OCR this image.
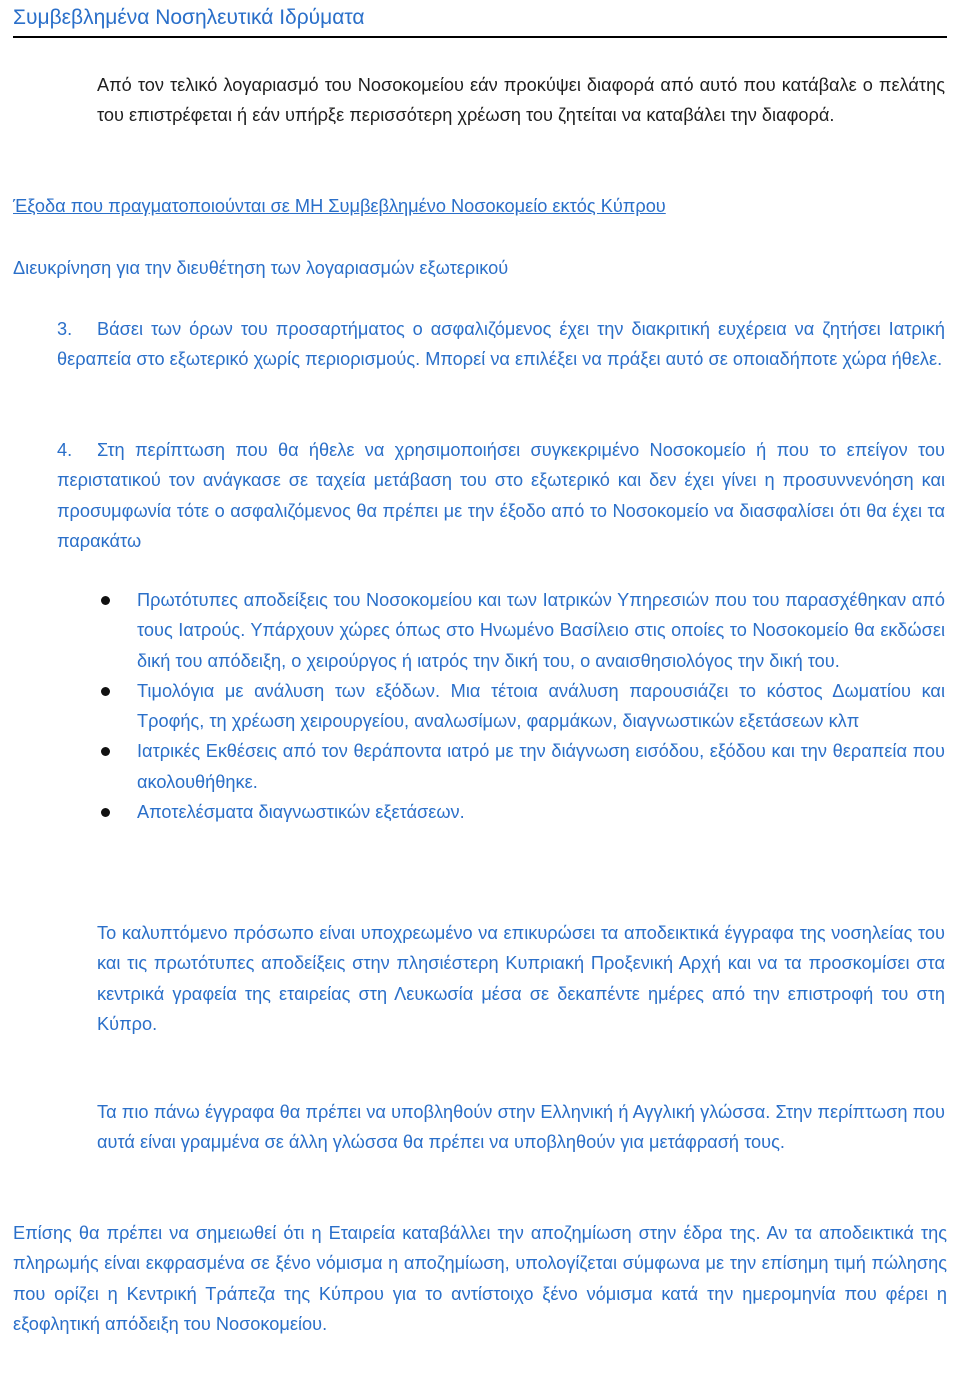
Συμβεβλημένα Νοσηλευτικά Ιδρύματα
Από τον τελικό λογαριασμό του Νοσοκομείου εάν προκύψει διαφορά από αυτό που κατάβαλε ο πελάτης του επιστρέφεται ή εάν υπήρξε περισσότερη χρέωση του ζητείται να καταβάλει την διαφορά.
Έξοδα που πραγματοποιούνται σε ΜΗ Συμβεβλημένο Νοσοκομείο εκτός Κύπρου
Διευκρίνηση για την διευθέτηση των λογαριασμών εξωτερικού
3. Βάσει των όρων του προσαρτήματος ο ασφαλιζόμενος έχει την διακριτική ευχέρεια να ζητήσει Ιατρική θεραπεία στο εξωτερικό χωρίς περιορισμούς. Μπορεί να επιλέξει να πράξει αυτό σε οποιαδήποτε χώρα ήθελε.
4. Στη περίπτωση που θα ήθελε να χρησιμοποιήσει συγκεκριμένο Νοσοκομείο ή που το επείγον του περιστατικού τον ανάγκασε σε ταχεία μετάβαση του στο εξωτερικό και δεν έχει γίνει η προσυννενόηση και προσυμφωνία τότε ο ασφαλιζόμενος θα πρέπει με την έξοδο από το Νοσοκομείο να διασφαλίσει ότι θα έχει τα παρακάτω
Πρωτότυπες αποδείξεις του Νοσοκομείου και των Ιατρικών Υπηρεσιών που του παρασχέθηκαν από τους Ιατρούς. Υπάρχουν χώρες όπως στο Ηνωμένο Βασίλειο στις οποίες το Νοσοκομείο θα εκδώσει δική του απόδειξη, ο χειρούργος ή ιατρός την δική του, ο αναισθησιολόγος την δική του.
Τιμολόγια με ανάλυση των εξόδων. Μια τέτοια ανάλυση παρουσιάζει το κόστος Δωματίου και Τροφής, τη χρέωση χειρουργείου, αναλωσίμων, φαρμάκων, διαγνωστικών εξετάσεων κλπ
Ιατρικές Εκθέσεις από τον θεράποντα ιατρό με την διάγνωση εισόδου, εξόδου και την θεραπεία που ακολουθήθηκε.
Αποτελέσματα διαγνωστικών εξετάσεων.
Το καλυπτόμενο πρόσωπο είναι υποχρεωμένο να επικυρώσει τα αποδεικτικά έγγραφα της νοσηλείας του και τις πρωτότυπες αποδείξεις στην πλησιέστερη Κυπριακή Προξενική Αρχή και να τα προσκομίσει στα κεντρικά γραφεία της εταιρείας στη Λευκωσία μέσα σε δεκαπέντε ημέρες από την επιστροφή του στη Κύπρο.
Τα πιο πάνω έγγραφα θα πρέπει να υποβληθούν στην Ελληνική ή Αγγλική γλώσσα. Στην περίπτωση που αυτά είναι γραμμένα σε άλλη γλώσσα θα πρέπει να υποβληθούν για μετάφρασή τους.
Επίσης θα πρέπει να σημειωθεί ότι η Εταιρεία καταβάλλει την αποζημίωση στην έδρα της. Αν τα αποδεικτικά της πληρωμής είναι εκφρασμένα σε ξένο νόμισμα η αποζημίωση, υπολογίζεται σύμφωνα με την επίσημη τιμή πώλησης που ορίζει η Κεντρική Τράπεζα της Κύπρου για το αντίστοιχο ξένο νόμισμα κατά την ημερομηνία που φέρει η εξοφλητική απόδειξη του Νοσοκομείου.
